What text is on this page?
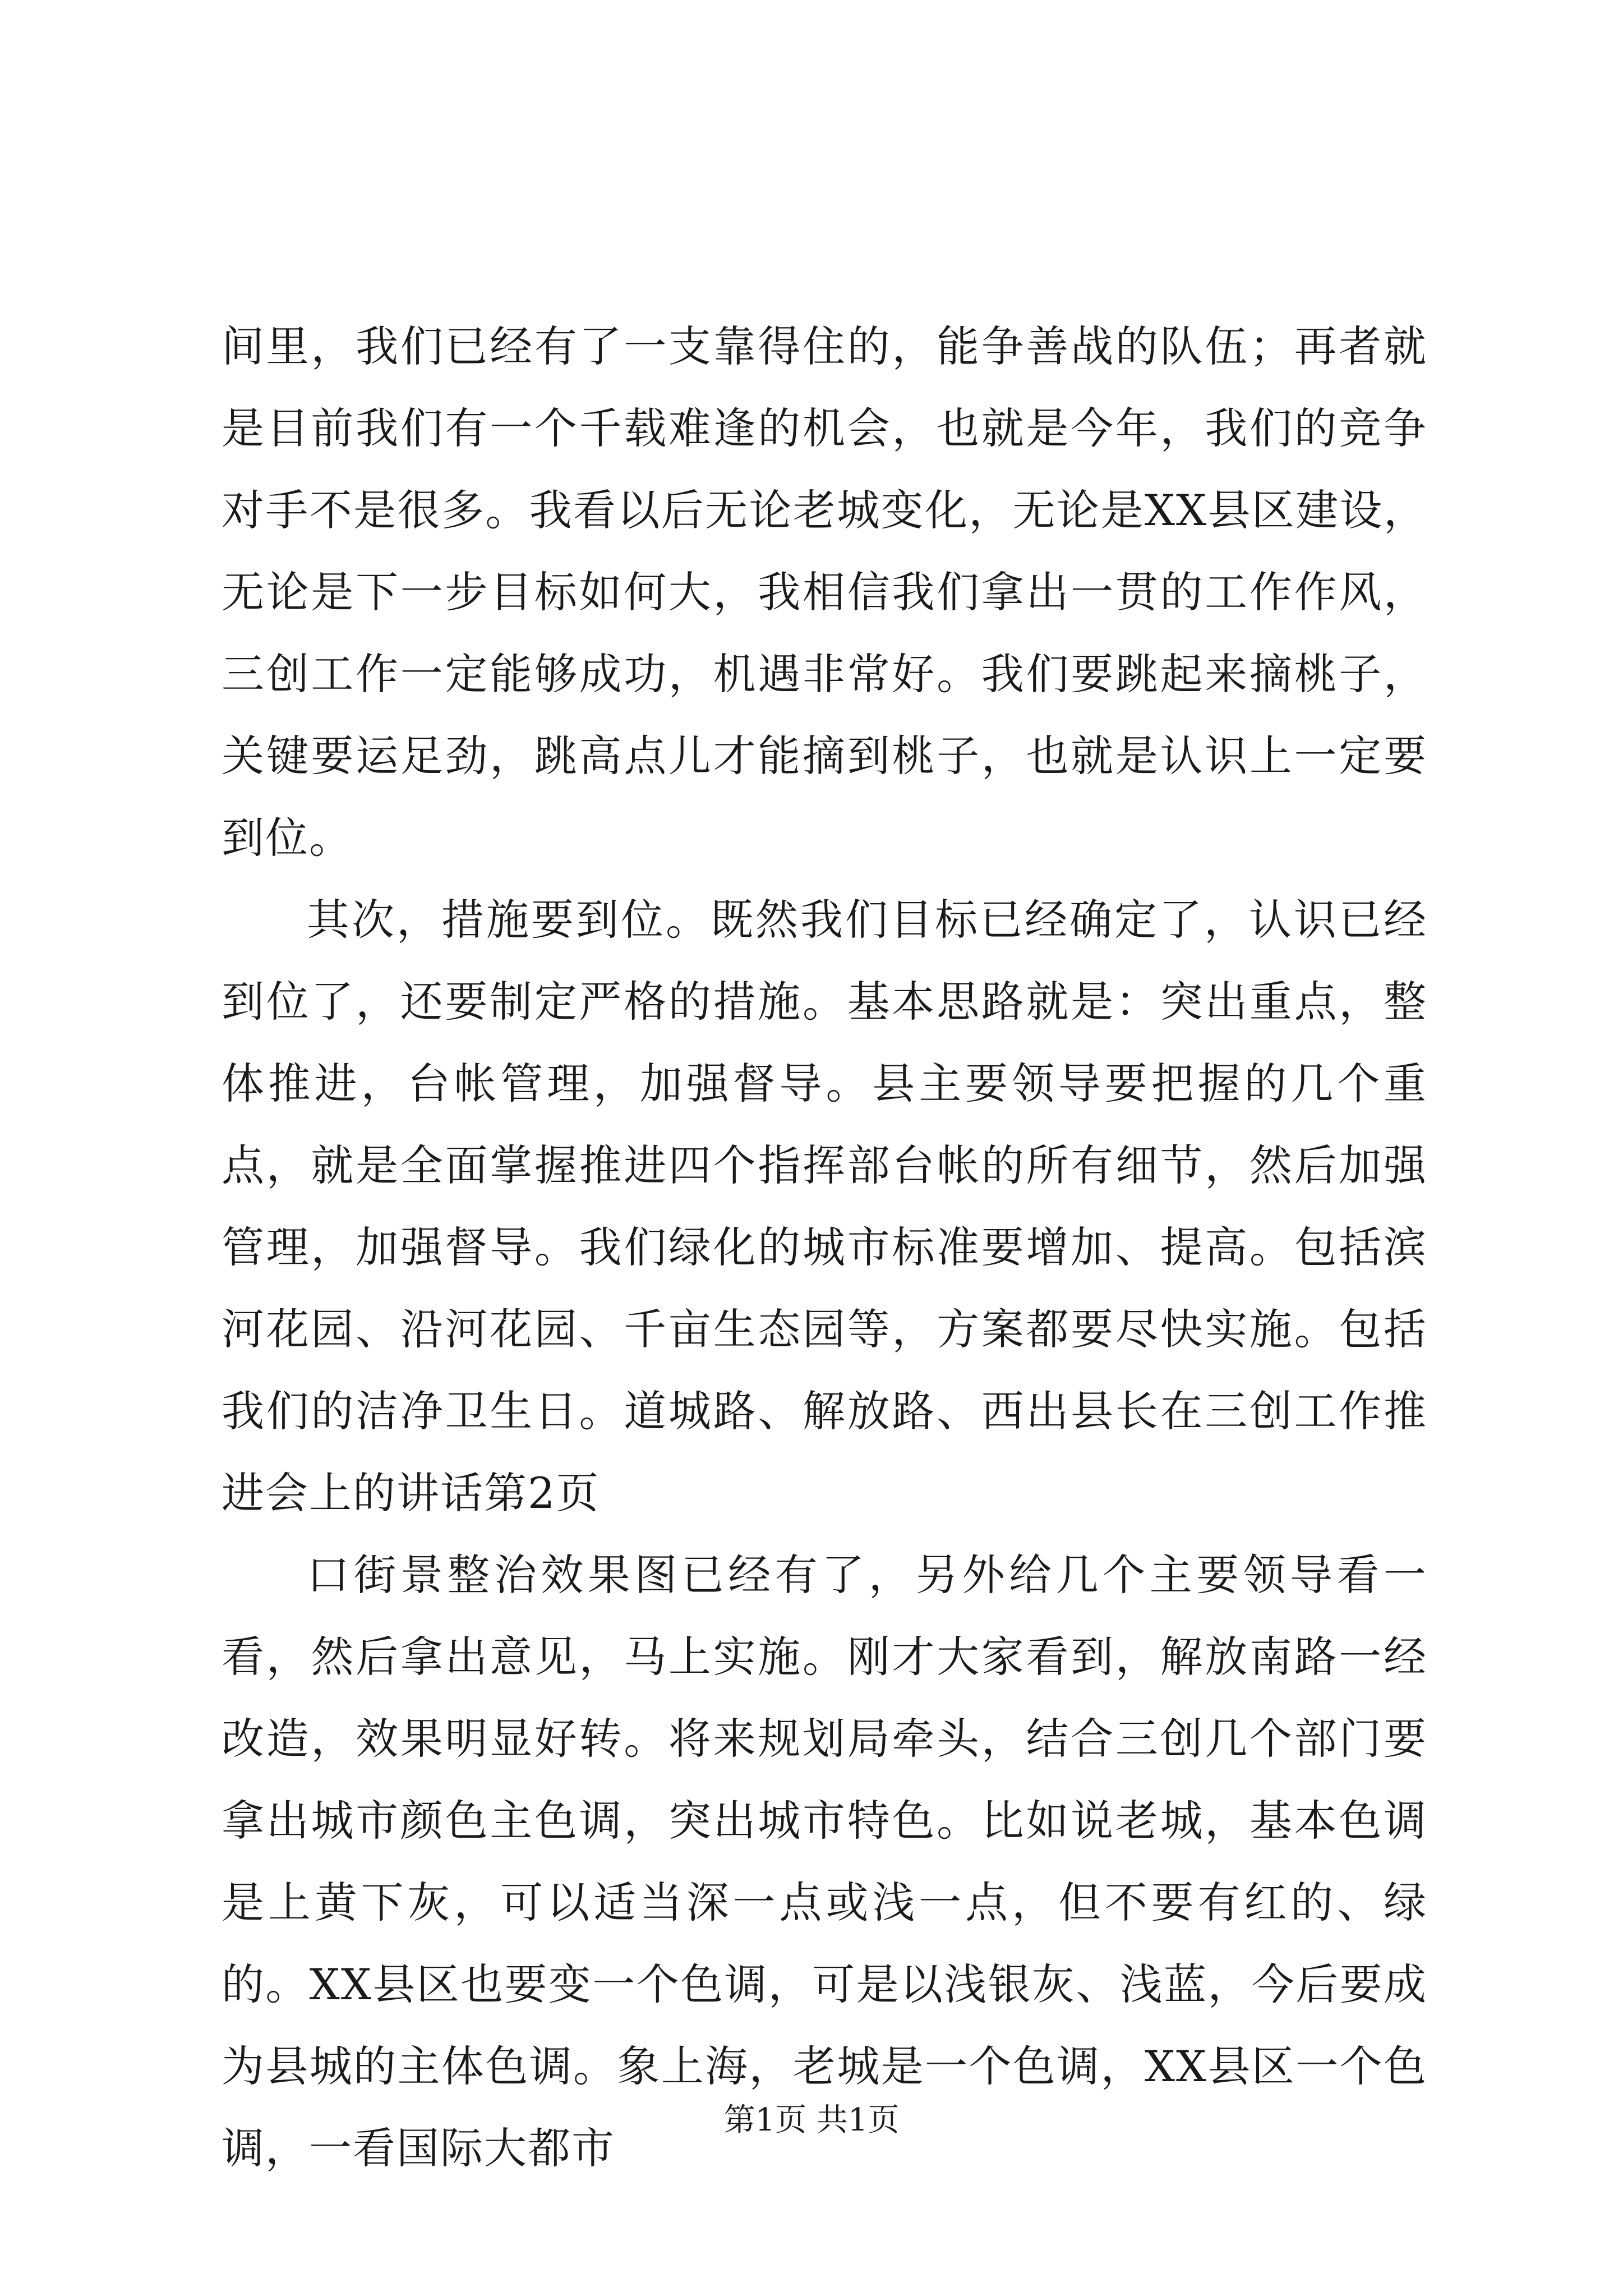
间里，我们已经有了一支靠得住的，能争善战的队伍；再者就是目前我们有一个千载难逢的机会，也就是今年，我们的竞争对手不是很多。我看以后无论老城变化，无论是XX县区建设，无论是下一步目标如何大，我相信我们拿出一贯的工作作风，三创工作一定能够成功，机遇非常好。我们要跳起来摘桃子，关键要运足劲，跳高点儿才能摘到桃子，也就是认识上一定要到位。

其次，措施要到位。既然我们目标已经确定了，认识已经到位了，还要制定严格的措施。基本思路就是：突出重点，整体推进，台帐管理，加强督导。县主要领导要把握的几个重点，就是全面掌握推进四个指挥部台帐的所有细节，然后加强管理，加强督导。我们绿化的城市标准要增加、提高。包括滨河花园、沿河花园、千亩生态园等，方案都要尽快实施。包括我们的洁净卫生日。道城路、解放路、西出县长在三创工作推进会上的讲话第2页

口街景整治效果图已经有了，另外给几个主要领导看一看，然后拿出意见，马上实施。刚才大家看到，解放南路一经改造，效果明显好转。将来规划局牵头，结合三创几个部门要拿出城市颜色主色调，突出城市特色。比如说老城，基本色调是上黄下灰，可以适当深一点或浅一点，但不要有红的、绿的。XX县区也要变一个色调，可是以浅银灰、浅蓝，今后要成为县城的主体色调。象上海，老城是一个色调，XX县区一个色调，一看国际大都市

第1页 共1页
